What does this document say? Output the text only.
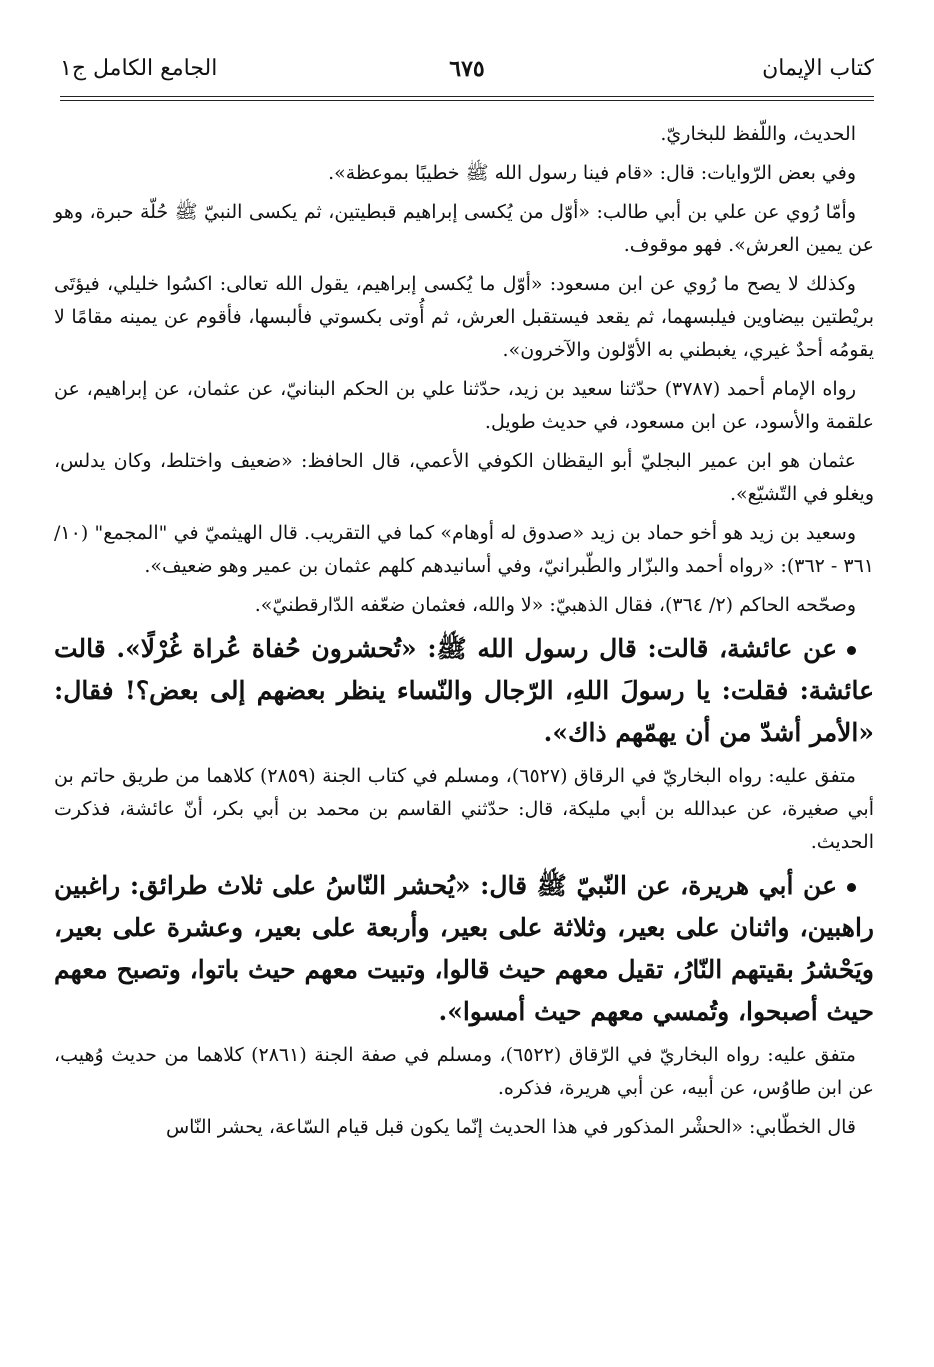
كتاب الإيمان
٦٧٥
الجامع الكامل ج١

الحديث، واللّفظ للبخاريّ.

وفي بعض الرّوايات: قال: «قام فينا رسول الله ﷺ خطيبًا بموعظة».

وأمّا رُوي عن علي بن أبي طالب: «أوّل من يُكسى إبراهيم قبطيتين، ثم يكسى النبيّ ﷺ حُلّة حبرة، وهو عن يمين العرش». فهو موقوف.

وكذلك لا يصح ما رُوي عن ابن مسعود: «أوّل ما يُكسى إبراهيم، يقول الله تعالى: اكسُوا خليلي، فيؤتَى بريْطتين بيضاوين فيلبسهما، ثم يقعد فيستقبل العرش، ثم أُوتى بكسوتي فألبسها، فأقوم عن يمينه مقامًا لا يقومُه أحدٌ غيري، يغبطني به الأوّلون والآخرون».

رواه الإمام أحمد (٣٧٨٧) حدّثنا سعيد بن زيد، حدّثنا علي بن الحكم البنانيّ، عن عثمان، عن إبراهيم، عن علقمة والأسود، عن ابن مسعود، في حديث طويل.

عثمان هو ابن عمير البجليّ أبو اليقظان الكوفي الأعمي، قال الحافظ: «ضعيف واختلط، وكان يدلس، ويغلو في التّشيّع».

وسعيد بن زيد هو أخو حماد بن زيد «صدوق له أوهام» كما في التقريب. قال الهيثميّ في "المجمع" (١٠/ ٣٦١ - ٣٦٢): «رواه أحمد والبزّار والطّبرانيّ، وفي أسانيدهم كلهم عثمان بن عمير وهو ضعيف».

وصحّحه الحاكم (٢/ ٣٦٤)، فقال الذهبيّ: «لا والله، فعثمان ضعّفه الدّارقطنيّ».

عن عائشة، قالت: قال رسول الله ﷺ: «تُحشرون حُفاة عُراة غُرْلًا». قالت عائشة: فقلت: يا رسولَ اللهِ، الرّجال والنّساء ينظر بعضهم إلى بعض؟! فقال: «الأمر أشدّ من أن يهمّهم ذاك».

متفق عليه: رواه البخاريّ في الرقاق (٦٥٢٧)، ومسلم في كتاب الجنة (٢٨٥٩) كلاهما من طريق حاتم بن أبي صغيرة، عن عبدالله بن أبي مليكة، قال: حدّثني القاسم بن محمد بن أبي بكر، أنّ عائشة، فذكرت الحديث.

عن أبي هريرة، عن النّبيّ ﷺ قال: «يُحشر النّاسُ على ثلاث طرائق: راغبين راهبين، واثنان على بعير، وثلاثة على بعير، وأربعة على بعير، وعشرة على بعير، ويَحْشرُ بقيتهم النّارُ، تقيل معهم حيث قالوا، وتبيت معهم حيث باتوا، وتصبح معهم حيث أصبحوا، وتُمسي معهم حيث أمسوا».

متفق عليه: رواه البخاريّ في الرّقاق (٦٥٢٢)، ومسلم في صفة الجنة (٢٨٦١) كلاهما من حديث وُهيب، عن ابن طاوُس، عن أبيه، عن أبي هريرة، فذكره.

قال الخطّابي: «الحشْر المذكور في هذا الحديث إنّما يكون قبل قيام السّاعة، يحشر النّاس
